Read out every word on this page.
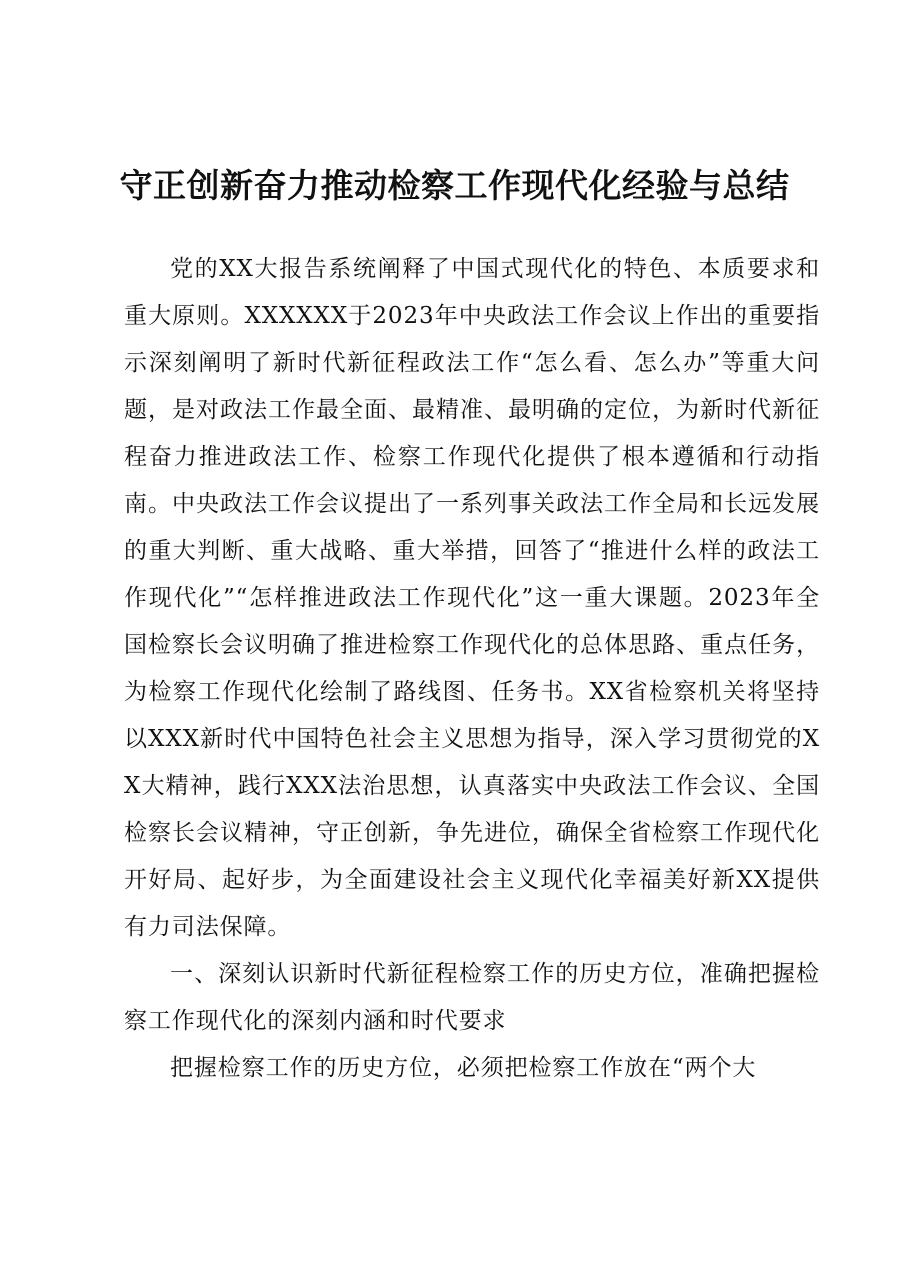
守正创新奋力推动检察工作现代化经验与总结

党的XX大报告系统阐释了中国式现代化的特色、本质要求和重大原则。XXXXXX于2023年中央政法工作会议上作出的重要指示深刻阐明了新时代新征程政法工作“怎么看、怎么办”等重大问题，是对政法工作最全面、最精准、最明确的定位，为新时代新征程奋力推进政法工作、检察工作现代化提供了根本遵循和行动指南。中央政法工作会议提出了一系列事关政法工作全局和长远发展的重大判断、重大战略、重大举措，回答了“推进什么样的政法工作现代化”“怎样推进政法工作现代化”这一重大课题。2023年全国检察长会议明确了推进检察工作现代化的总体思路、重点任务，为检察工作现代化绘制了路线图、任务书。XX省检察机关将坚持以XXX新时代中国特色社会主义思想为指导，深入学习贯彻党的XX大精神，践行XXX法治思想，认真落实中央政法工作会议、全国检察长会议精神，守正创新，争先进位，确保全省检察工作现代化开好局、起好步，为全面建设社会主义现代化幸福美好新XX提供有力司法保障。

一、深刻认识新时代新征程检察工作的历史方位，准确把握检察工作现代化的深刻内涵和时代要求

把握检察工作的历史方位，必须把检察工作放在“两个大
